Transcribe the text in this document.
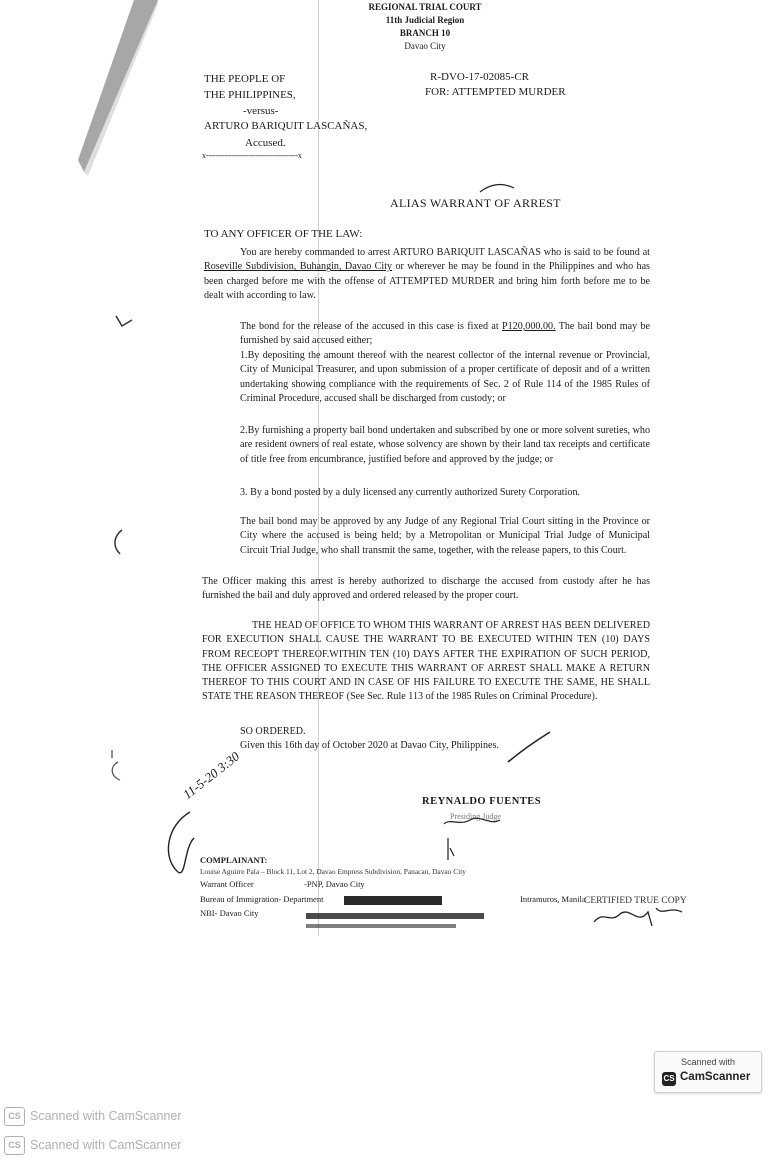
REGIONAL TRIAL COURT
11th Judicial Region
BRANCH 10
Davao City
THE PEOPLE OF
THE PHILIPPINES,
-versus-
ARTURO BARIQUIT LASCAÑAS,
Accused.
x---------------------------------------x
R-DVO-17-02085-CR
FOR: ATTEMPTED MURDER
ALIAS WARRANT OF ARREST
TO ANY OFFICER OF THE LAW:
You are hereby commanded to arrest ARTURO BARIQUIT LASCAÑAS who is said to be found at Roseville Subdivision, Buhangin, Davao City or wherever he may be found in the Philippines and who has been charged before me with the offense of ATTEMPTED MURDER and bring him forth before me to be dealt with according to law.
The bond for the release of the accused in this case is fixed at P120,000.00. The bail bond may be furnished by said accused either;
1.By depositing the amount thereof with the nearest collector of the internal revenue or Provincial, City of Municipal Treasurer, and upon submission of a proper certificate of deposit and of a written undertaking showing compliance with the requirements of Sec. 2 of Rule 114 of the 1985 Rules of Criminal Procedure, accused shall be discharged from custody; or
2.By furnishing a property bail bond undertaken and subscribed by one or more solvent sureties, who are resident owners of real estate, whose solvency are shown by their land tax receipts and certificate of title free from encumbrance, justified before and approved by the judge; or
3. By a bond posted by a duly licensed any currently authorized Surety Corporation.
The bail bond may be approved by any Judge of any Regional Trial Court sitting in the Province or City where the accused is being held; by a Metropolitan or Municipal Trial Judge of Municipal Circuit Trial Judge, who shall transmit the same, together, with the release papers, to this Court.
The Officer making this arrest is hereby authorized to discharge the accused from custody after he has furnished the bail and duly approved and ordered released by the proper court.
THE HEAD OF OFFICE TO WHOM THIS WARRANT OF ARREST HAS BEEN DELIVERED FOR EXECUTION SHALL CAUSE THE WARRANT TO BE EXECUTED WITHIN TEN (10) DAYS FROM RECEOPT THEREOF.WITHIN TEN (10) DAYS AFTER THE EXPIRATION OF SUCH PERIOD, THE OFFICER ASSIGNED TO EXECUTE THIS WARRANT OF ARREST SHALL MAKE A RETURN THEREOF TO THIS COURT AND IN CASE OF HIS FAILURE TO EXECUTE THE SAME, HE SHALL STATE THE REASON THEREOF (See Sec. Rule 113 of the 1985 Rules on Criminal Procedure).
SO ORDERED.
Given this 16th day of October 2020 at Davao City, Philippines.
REYNALDO FUENTES
Presiding Judge
11-5-20 3:30
COMPLAINANT:
Louise Aguirre Pala – Block 11, Lot 2, Davao Empress Subdivision, Panacan, Davao City
Warrant Officer	-PNP, Davao City
Bureau of Immigration- Department	Intramuros, Manila
NBI- Davao City
CERTIFIED TRUE COPY
Scanned with
CS CamScanner
CS Scanned with CamScanner
CS Scanned with CamScanner
